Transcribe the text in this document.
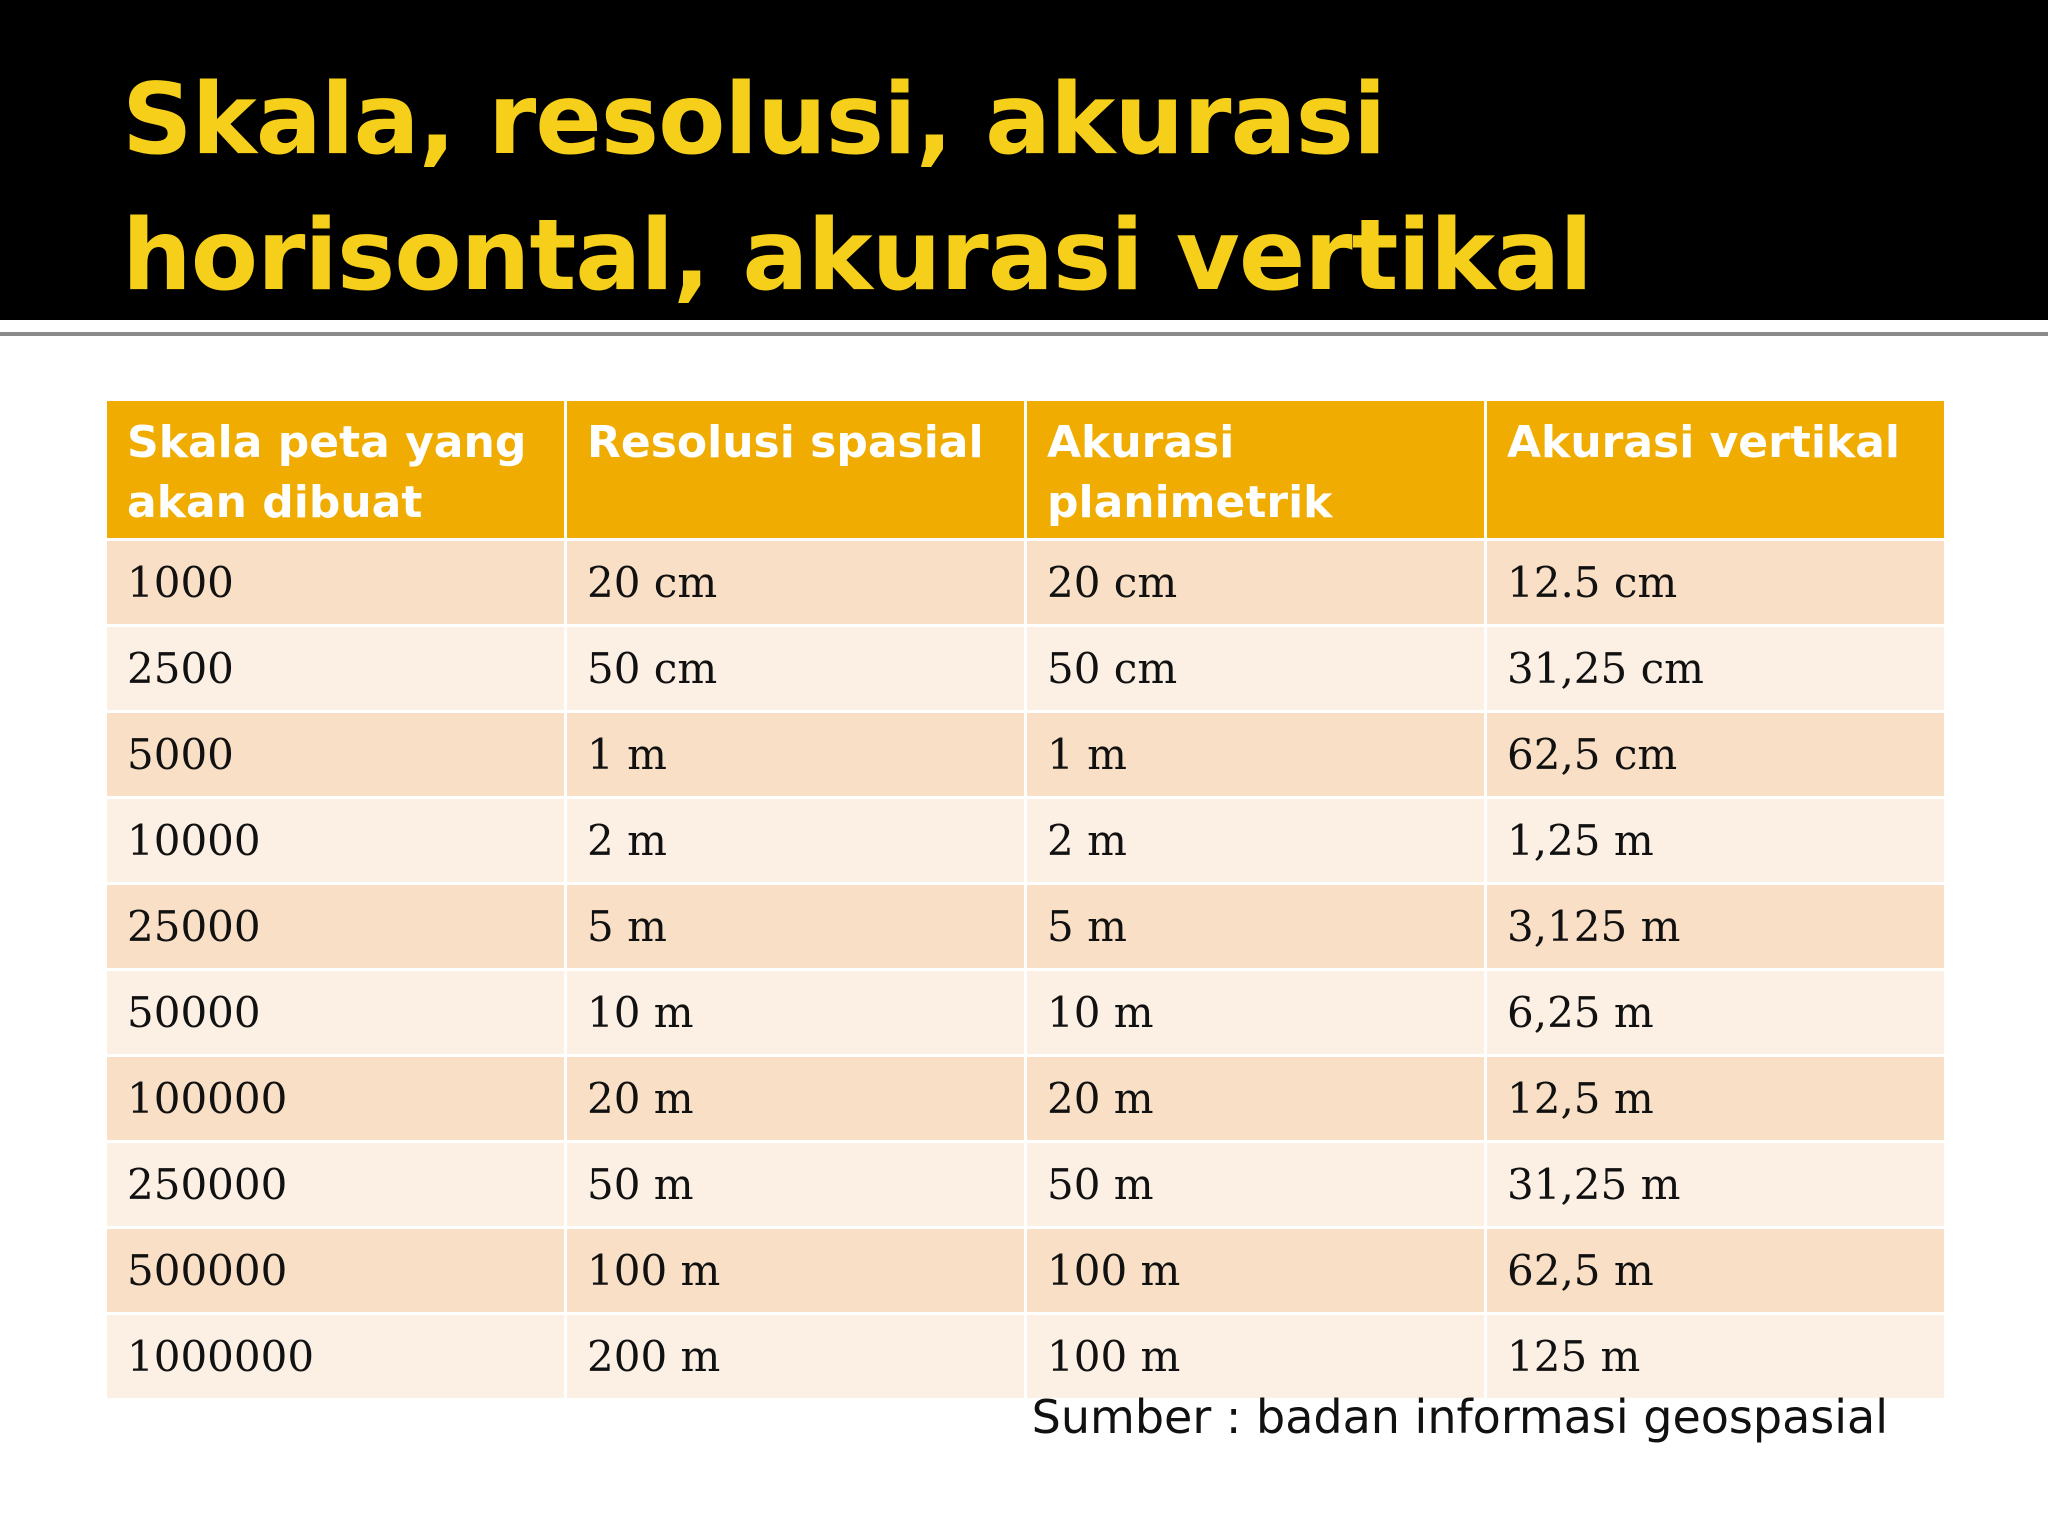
Skala, resolusi, akurasi horisontal, akurasi vertikal
Skala peta yang akan dibuat	Resolusi spasial	Akurasi planimetrik	Akurasi vertikal
1000	20 cm	20 cm	12.5 cm
2500	50 cm	50 cm	31,25 cm
5000	1 m	1 m	62,5 cm
10000	2 m	2 m	1,25 m
25000	5 m	5 m	3,125 m
50000	10 m	10 m	6,25 m
100000	20 m	20 m	12,5 m
250000	50 m	50 m	31,25 m
500000	100 m	100 m	62,5 m
1000000	200 m	100 m	125 m
Sumber : badan informasi geospasial
